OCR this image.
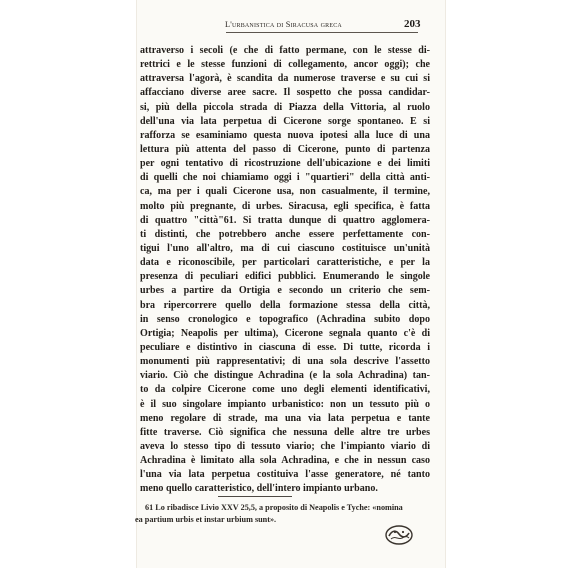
L'urbanistica di Siracusa greca	203
attraverso i secoli (e che di fatto permane, con le stesse di-
rettrici e le stesse funzioni di collegamento, ancor oggi); che
attraversa l'agorà, è scandita da numerose traverse e su cui si
affacciano diverse aree sacre. Il sospetto che possa candidar-
si, più della piccola strada di Piazza della Vittoria, al ruolo
dell'una via lata perpetua di Cicerone sorge spontaneo. E si
rafforza se esaminiamo questa nuova ipotesi alla luce di una
lettura più attenta del passo di Cicerone, punto di partenza
per ogni tentativo di ricostruzione dell'ubicazione e dei limiti
di quelli che noi chiamiamo oggi i "quartieri" della città anti-
ca, ma per i quali Cicerone usa, non casualmente, il termine,
molto più pregnante, di urbes. Siracusa, egli specifica, è fatta
di quattro "città"61. Si tratta dunque di quattro agglomera-
ti distinti, che potrebbero anche essere perfettamente con-
tigui l'uno all'altro, ma di cui ciascuno costituisce un'unità
data e riconoscibile, per particolari caratteristiche, e per la
presenza di peculiari edifici pubblici. Enumerando le singole
urbes a partire da Ortigia e secondo un criterio che sem-
bra ripercorrere quello della formazione stessa della città,
in senso cronologico e topografico (Achradina subito dopo
Ortigia; Neapolis per ultima), Cicerone segnala quanto c'è di
peculiare e distintivo in ciascuna di esse. Di tutte, ricorda i
monumenti più rappresentativi; di una sola descrive l'assetto
viario. Ciò che distingue Achradina (e la sola Achradina) tan-
to da colpire Cicerone come uno degli elementi identificativi,
è il suo singolare impianto urbanistico: non un tessuto più o
meno regolare di strade, ma una via lata perpetua e tante
fitte traverse. Ciò significa che nessuna delle altre tre urbes
aveva lo stesso tipo di tessuto viario; che l'impianto viario di
Achradina è limitato alla sola Achradina, e che in nessun caso
l'una via lata perpetua costituiva l'asse generatore, né tanto
meno quello caratteristico, dell'intero impianto urbano.
61 Lo ribadisce Livio XXV 25,5, a proposito di Neapolis e Tyche: «nomina
ea partium urbis et instar urbium sunt».
